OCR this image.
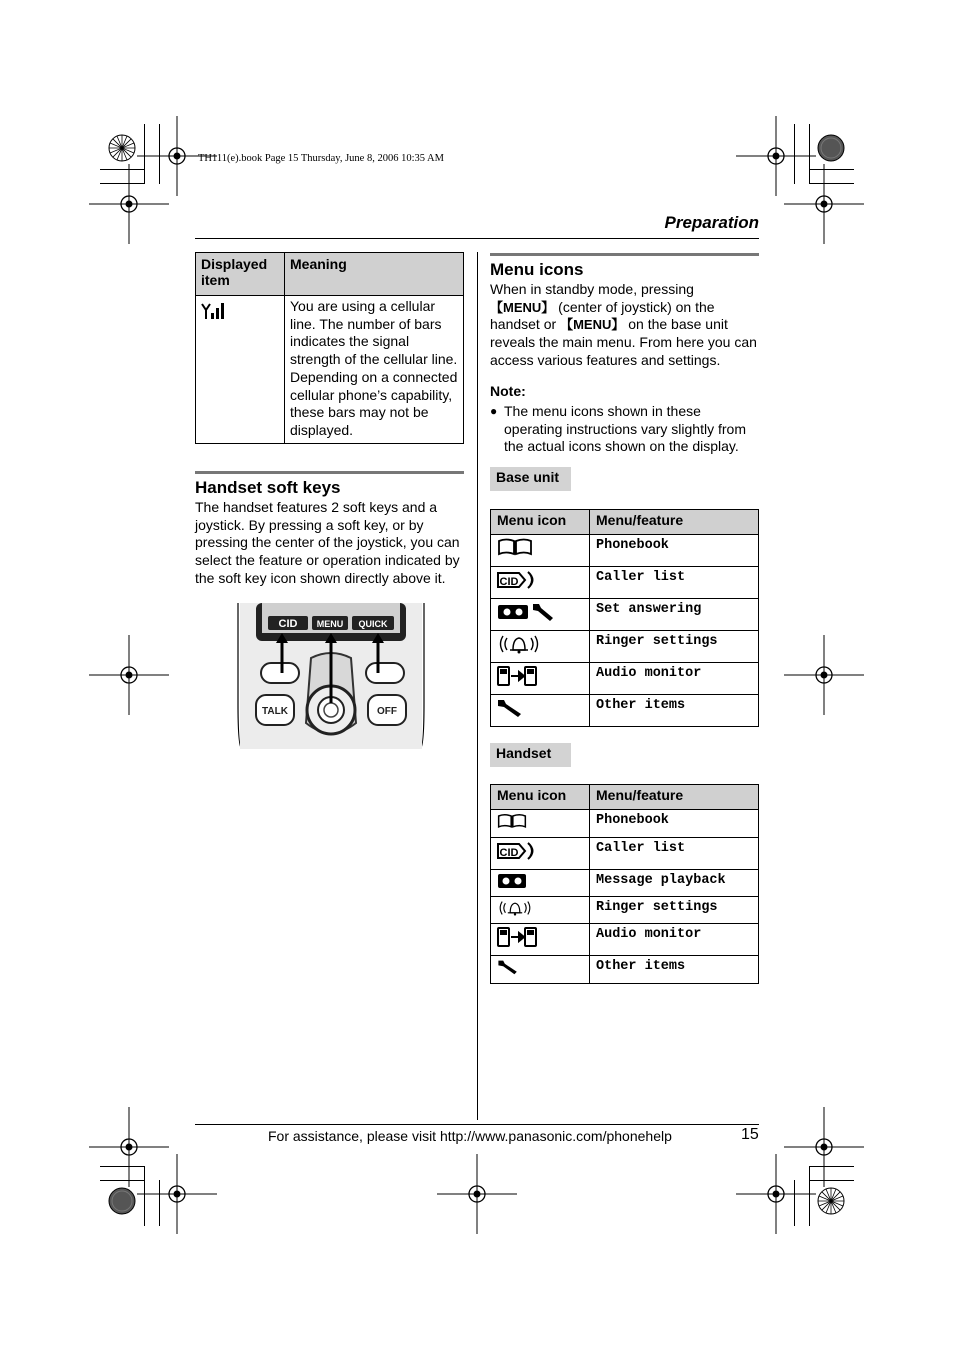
TH111(e).book Page 15 Thursday, June 8, 2006 10:35 AM
Preparation
Displayed item	Meaning
	You are using a cellular line. The number of bars indicates the signal strength of the cellular line. Depending on a connected cellular phone’s capability, these bars may not be displayed.
Handset soft keys
The handset features 2 soft keys and a joystick. By pressing a soft key, or by pressing the center of the joystick, you can select the feature or operation indicated by the soft key icon shown directly above it.
CID MENU QUICK
TALK	OFF
Menu icons
When in standby mode, pressing 【MENU】 (center of joystick) on the handset or 【MENU】 on the base unit reveals the main menu. From here you can access various features and settings.
Note:
● The menu icons shown in these operating instructions vary slightly from the actual icons shown on the display.
Base unit
Menu icon	Menu/feature

	Phonebook

CID	Caller list

	Set answering

	Ringer settings

	Audio monitor

	Other items
Handset
Menu icon	Menu/feature

	Phonebook

CID	Caller list

	Message playback

	Ringer settings

	Audio monitor

	Other items
For assistance, please visit http://www.panasonic.com/phonehelp	15
